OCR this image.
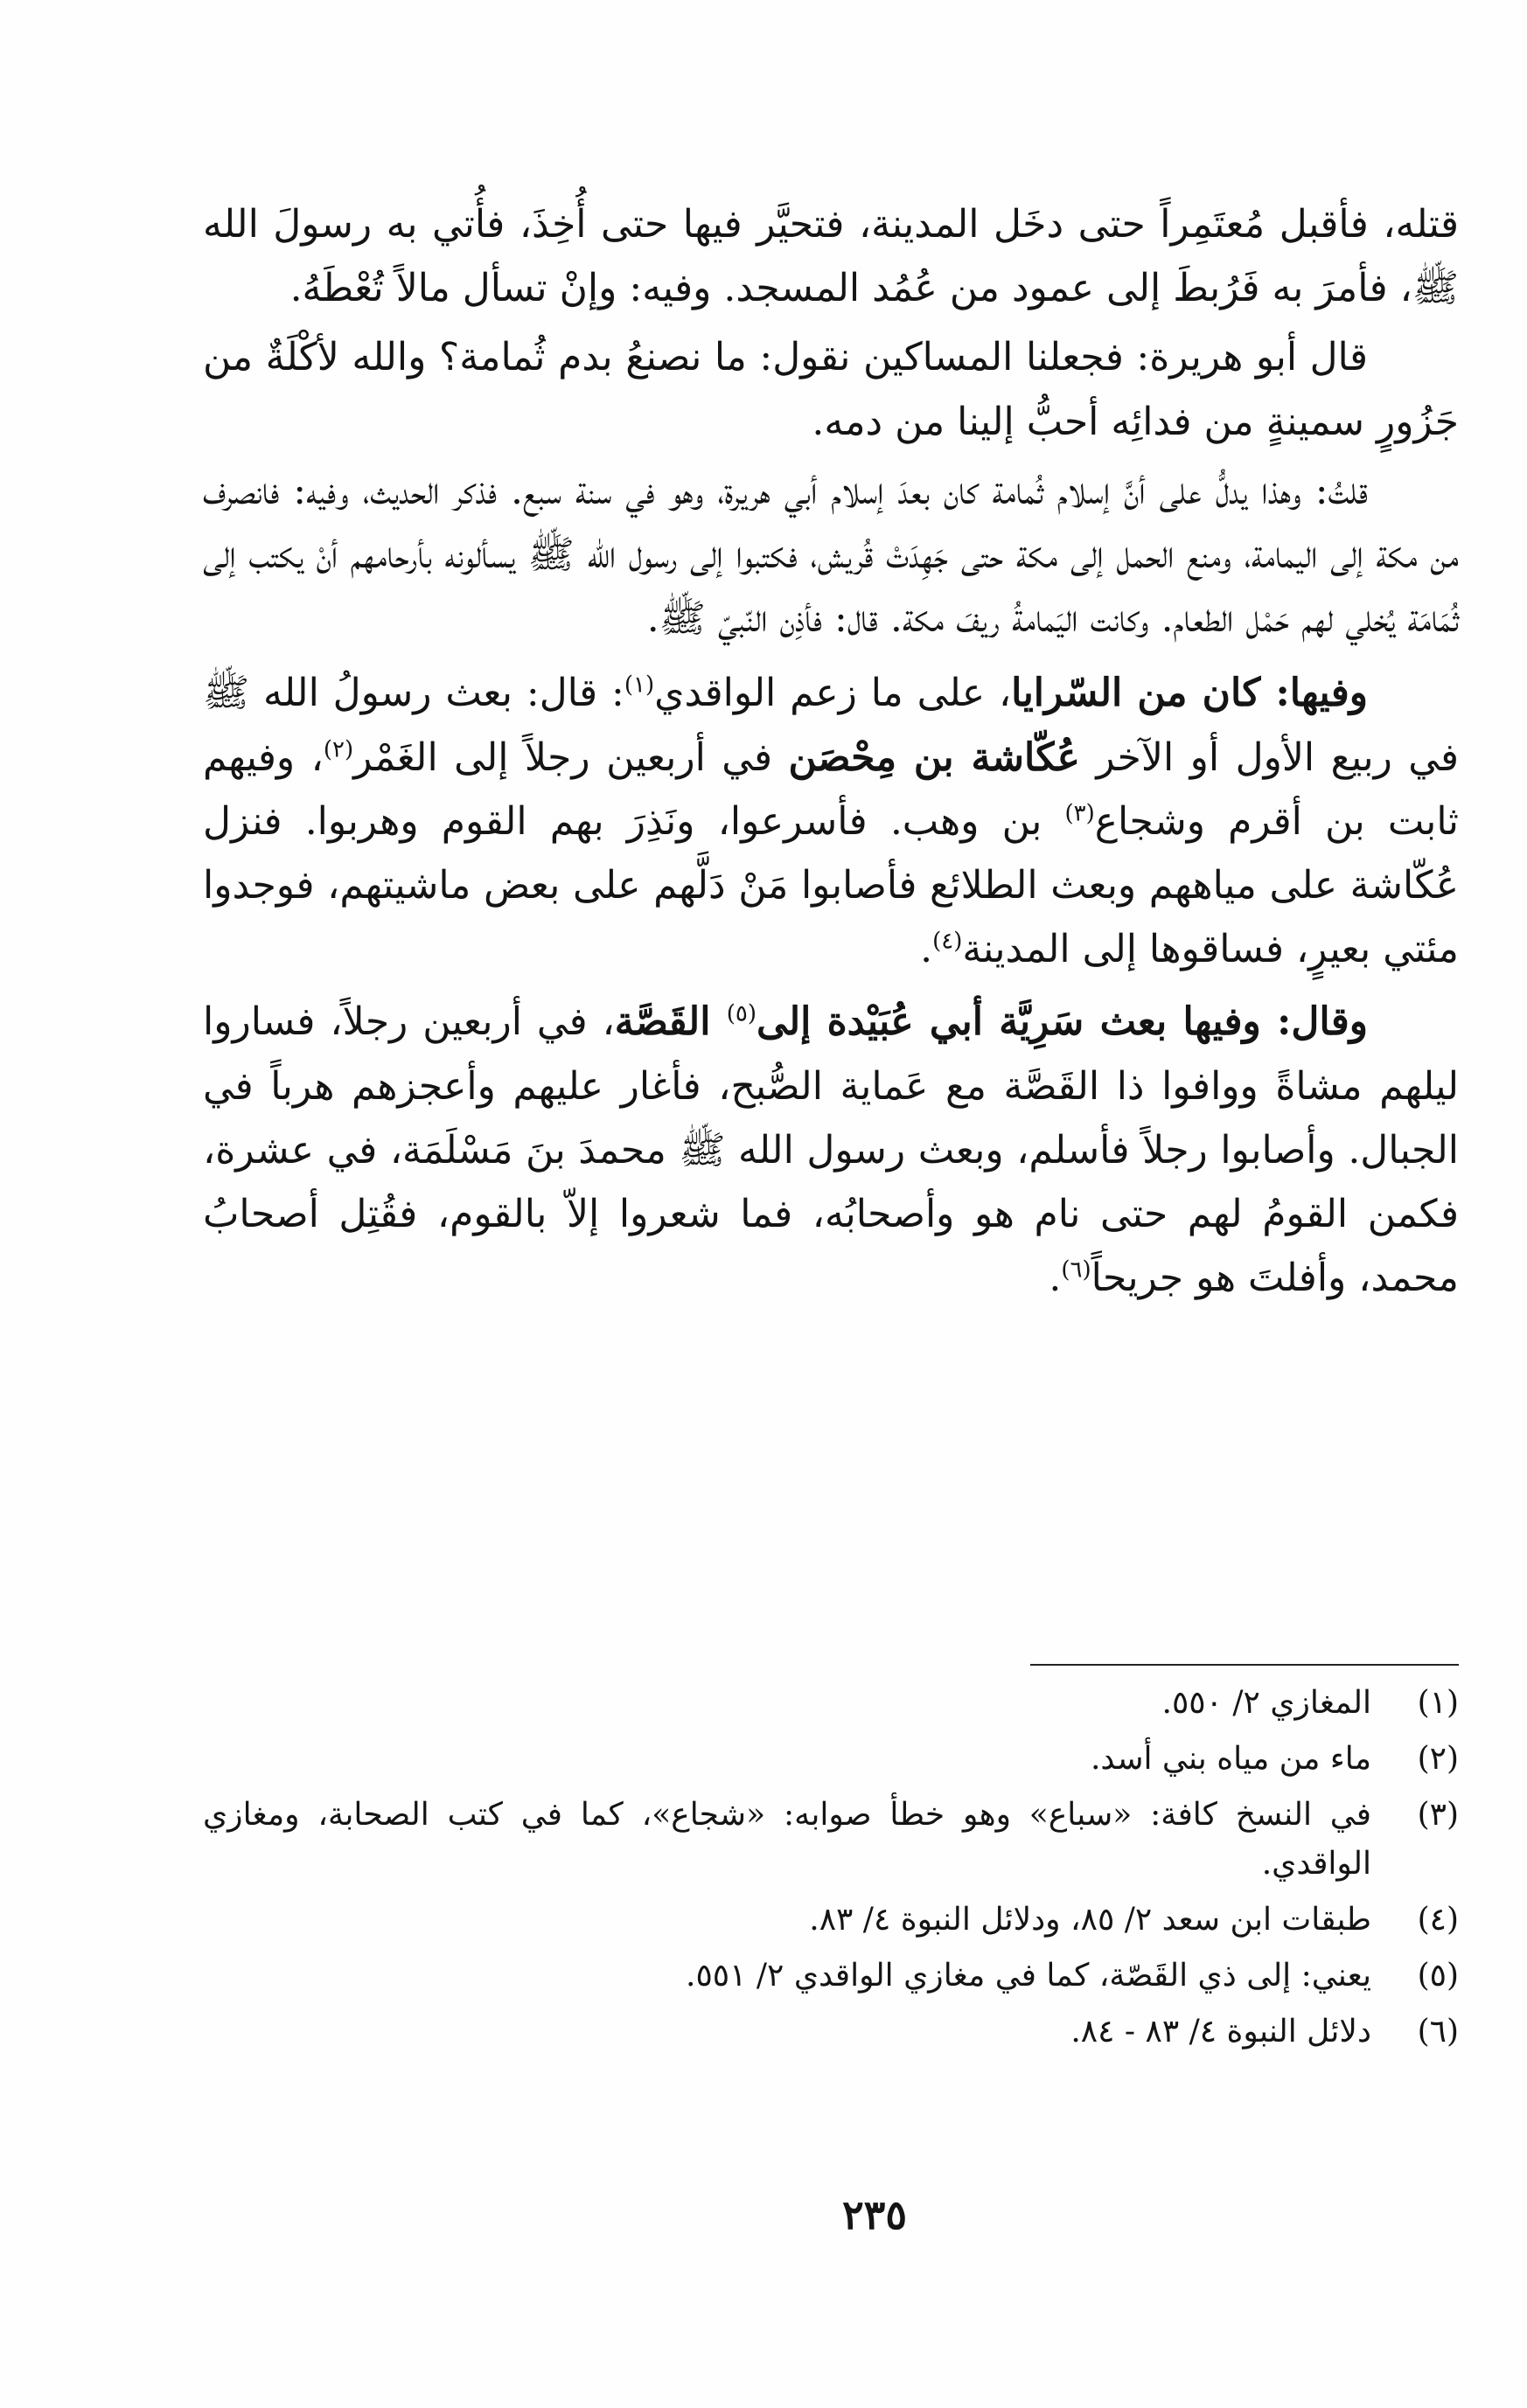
قتله، فأقبل مُعتَمِراً حتى دخَل المدينة، فتحيَّر فيها حتى أُخِذَ، فأُتي به رسولَ الله ﷺ، فأمرَ به فَرُبطَ إلى عمود من عُمُد المسجد. وفيه: وإنْ تسأل مالاً تُعْطَهُ.

قال أبو هريرة: فجعلنا المساكين نقول: ما نصنعُ بدم ثُمامة؟ والله لأكْلَةٌ من جَزُورٍ سمينةٍ من فدائِه أحبُّ إلينا من دمه.

قلتُ: وهذا يدلُّ على أنَّ إسلام ثُمامة كان بعدَ إسلام أبي هريرة، وهو في سنة سبع. فذكر الحديث، وفيه: فانصرف من مكة إلى اليمامة، ومنع الحمل إلى مكة حتى جَهِدَتْ قُريش، فكتبوا إلى رسول الله ﷺ يسألونه بأرحامهم أنْ يكتب إلى ثُمَامَة يُخلي لهم حَمْل الطعام. وكانت اليَمامةُ ريفَ مكة. قال: فأذِن النّبيّ ﷺ.

وفيها: كان من السّرايا، على ما زعم الواقدي$^{(١)}$: قال: بعث رسولُ الله ﷺ في ربيع الأول أو الآخر عُكّاشة بن مِحْصَن في أربعين رجلاً إلى الغَمْر$^{(٢)}$، وفيهم ثابت بن أقرم وشجاع$^{(٣)}$ بن وهب. فأسرعوا، ونَذِرَ بهم القوم وهربوا. فنزل عُكّاشة على مياههم وبعث الطلائع فأصابوا مَنْ دَلَّهم على بعض ماشيتهم، فوجدوا مئتي بعيرٍ، فساقوها إلى المدينة$^{(٤)}$.

وقال: وفيها بعث سَرِيَّة أبي عُبَيْدة إلى$^{(٥)}$ القَصَّة، في أربعين رجلاً، فساروا ليلهم مشاةً ووافوا ذا القَصَّة مع عَماية الصُّبح، فأغار عليهم وأعجزهم هرباً في الجبال. وأصابوا رجلاً فأسلم، وبعث رسول الله ﷺ محمدَ بنَ مَسْلَمَة، في عشرة، فكمن القومُ لهم حتى نام هو وأصحابُه، فما شعروا إلاّ بالقوم، فقُتِل أصحابُ محمد، وأفلتَ هو جريحاً$^{(٦)}$.

(١)
المغازي ٢/ ٥٥٠.
(٢)
ماء من مياه بني أسد.
(٣)
في النسخ كافة: «سباع» وهو خطأ صوابه: «شجاع»، كما في كتب الصحابة، ومغازي الواقدي.
(٤)
طبقات ابن سعد ٢/ ٨٥، ودلائل النبوة ٤/ ٨٣.
(٥)
يعني: إلى ذي القَصّة، كما في مغازي الواقدي ٢/ ٥٥١.
(٦)
دلائل النبوة ٤/ ٨٣ - ٨٤.
٢٣٥
